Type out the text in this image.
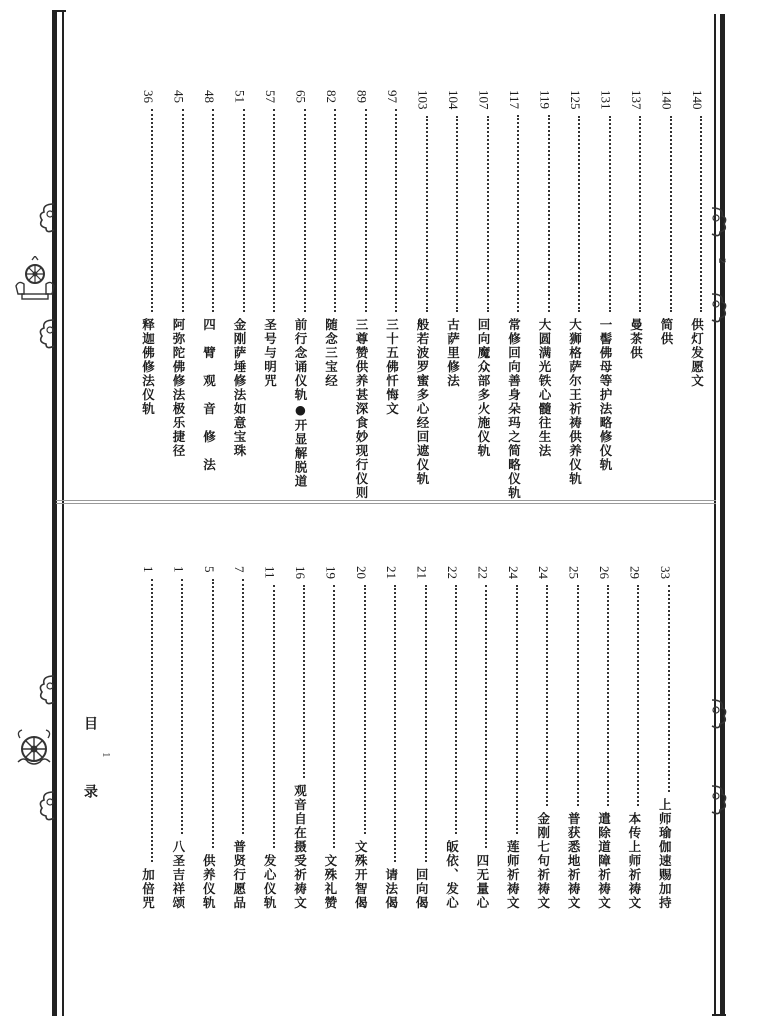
目　录 1
2
加倍咒
1
八圣吉祥颂
1
供养仪轨
5
普贤行愿品
7
发心仪轨
11
观音自在摄受祈祷文
16
文殊礼赞
19
文殊开智偈
20
请法偈
21
回向偈
21
皈依、发心
22
四无量心
22
莲师祈祷文
24
金刚七句祈祷文
24
普获悉地祈祷文
25
遣除道障祈祷文
26
本传上师祈祷文
29
上师瑜伽速赐加持
33
释迦佛修法仪轨
36
阿弥陀佛修法极乐捷径
45
四　臂　观　音　修　法
48
金刚萨埵修法如意宝珠
51
圣号与明咒
57
前行念诵仪轨●开显解脱道
65
随念三宝经
82
三尊赞供养甚深食妙现行仪则
89
三十五佛忏悔文
97
般若波罗蜜多心经回遮仪轨
103
古萨里修法
104
回向魔众部多火施仪轨
107
常修回向善身朵玛之简略仪轨
117
大圆满光铁心髓往生法
119
大狮格萨尔王祈祷供养仪轨
125
一髻佛母等护法略修仪轨
131
曼茶供
137
简供
140
供灯发愿文
140
